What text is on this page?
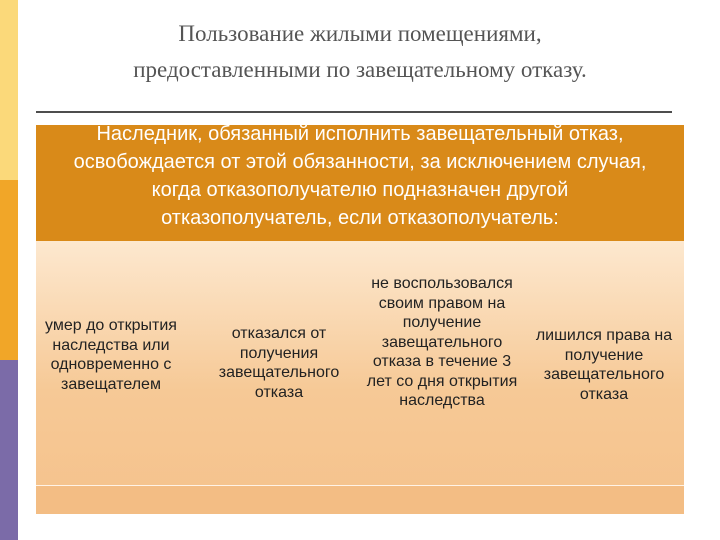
Пользование жилыми помещениями,
предоставленными по завещательному отказу.
Наследник, обязанный исполнить завещательный отказ, освобождается от этой обязанности, за исключением случая, когда отказополучателю подназначен другой отказополучатель, если отказополучатель:
умер до открытия наследства или одновременно с завещателем
отказался от получения завещательного отказа
не воспользовался своим правом на получение завещательного отказа в течение 3 лет со дня открытия наследства
лишился права на получение завещательного отказа
